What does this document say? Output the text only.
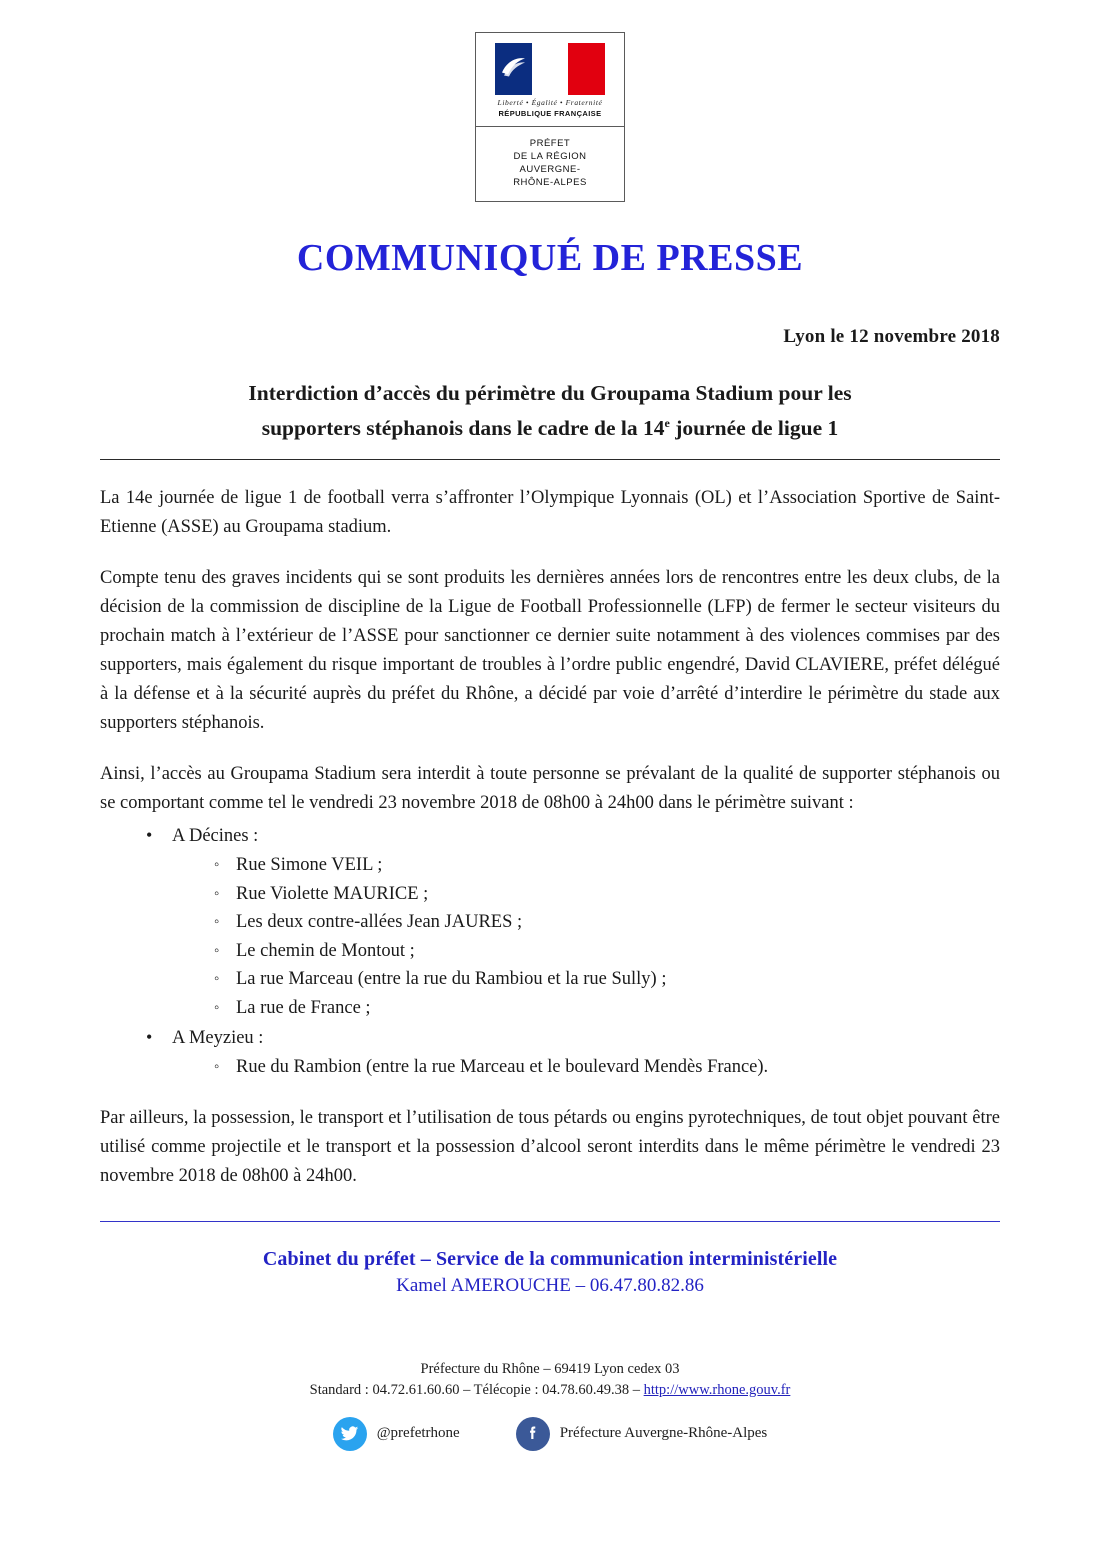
Liberté • Égalité • Fraternité
RÉPUBLIQUE FRANÇAISE
PRÉFET
DE LA RÉGION
AUVERGNE-
RHÔNE-ALPES
COMMUNIQUÉ DE PRESSE
Lyon le 12 novembre 2018
Interdiction d’accès du périmètre du Groupama Stadium pour les
supporters stéphanois dans le cadre de la 14e journée de ligue 1

La 14e journée de ligue 1 de football verra s’affronter l’Olympique Lyonnais (OL) et l’Association Sportive de Saint-Etienne (ASSE) au Groupama stadium.

Compte tenu des graves incidents qui se sont produits les dernières années lors de rencontres entre les deux clubs, de la décision de la commission de discipline de la Ligue de Football Professionnelle (LFP) de fermer le secteur visiteurs du prochain match à l’extérieur de l’ASSE pour sanctionner ce dernier suite notamment à des violences commises par des supporters, mais également du risque important de troubles à l’ordre public engendré, David CLAVIERE, préfet délégué à la défense et à la sécurité auprès du préfet du Rhône, a décidé par voie d’arrêté d’interdire le périmètre du stade aux supporters stéphanois.

Ainsi, l’accès au Groupama Stadium sera interdit à toute personne se prévalant de la qualité de supporter stéphanois ou se comportant comme tel le vendredi 23 novembre 2018 de 08h00 à 24h00 dans le périmètre suivant :

• A Décines :
◦ Rue Simone VEIL ;
◦ Rue Violette MAURICE ;
◦ Les deux contre-allées Jean JAURES ;
◦ Le chemin de Montout ;
◦ La rue Marceau (entre la rue du Rambiou et la rue Sully) ;
◦ La rue de France ;
• A Meyzieu :
◦ Rue du Rambion (entre la rue Marceau et le boulevard Mendès France).

Par ailleurs, la possession, le transport et l’utilisation de tous pétards ou engins pyrotechniques, de tout objet pouvant être utilisé comme projectile et le transport et la possession d’alcool seront interdits dans le même périmètre le vendredi 23 novembre 2018 de 08h00 à 24h00.

Cabinet du préfet – Service de la communication interministérielle
Kamel AMEROUCHE – 06.47.80.82.86
Préfecture du Rhône – 69419 Lyon cedex 03
Standard : 04.72.61.60.60 – Télécopie : 04.78.60.49.38 – http://www.rhone.gouv.fr
@prefetrhone	Préfecture Auvergne-Rhône-Alpes
